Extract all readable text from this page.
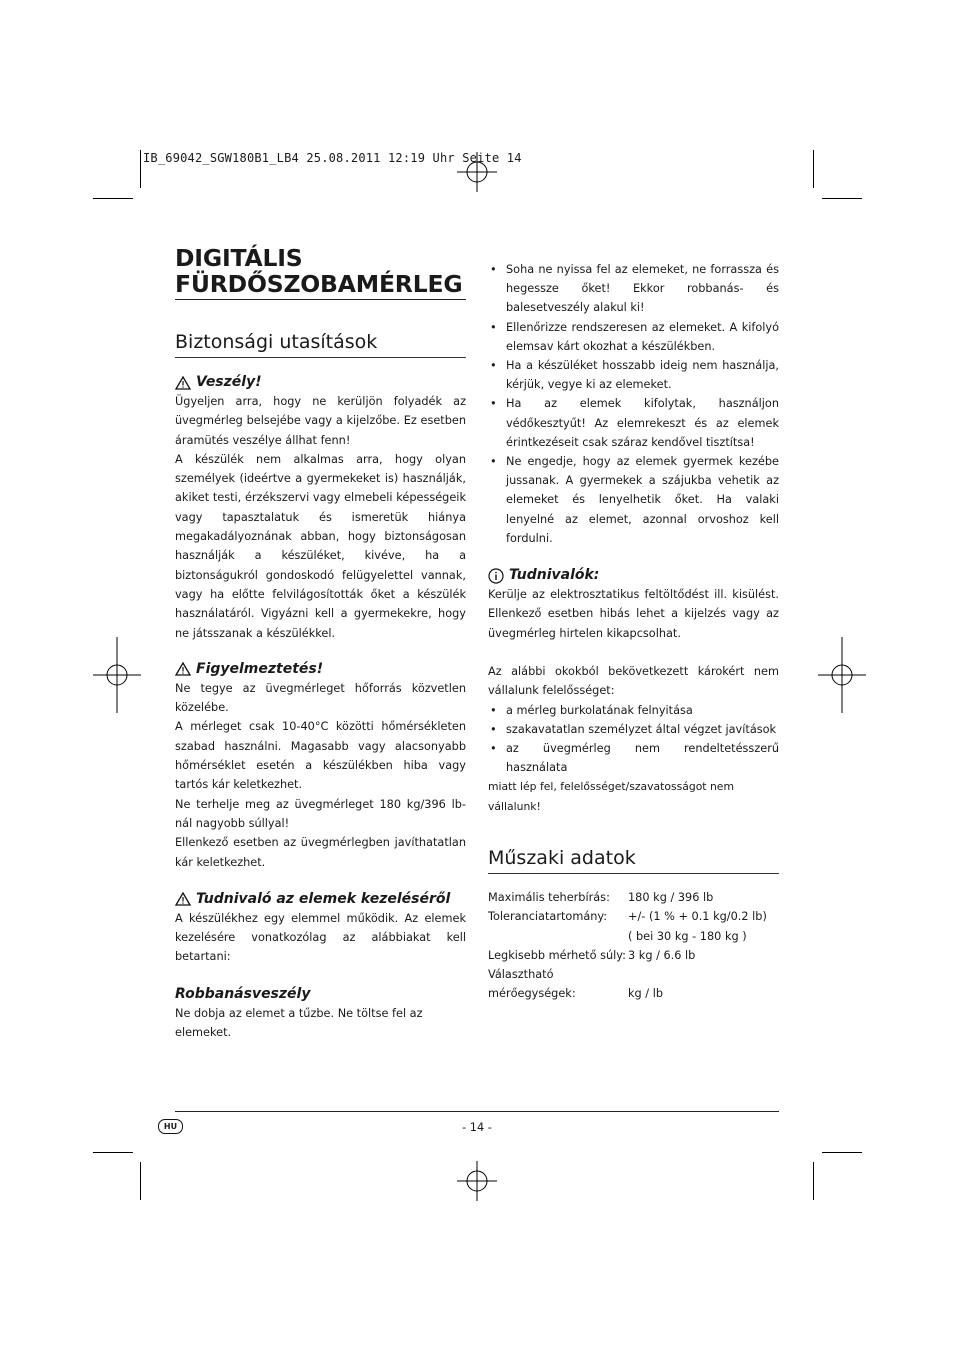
IB_69042_SGW180B1_LB4 25.08.2011 12:19 Uhr Seite 14
DIGITÁLIS
FÜRDŐSZOBAMÉRLEG
Biztonsági utasítások
Veszély!

Ügyeljen arra, hogy ne kerüljön folyadék az üvegmérleg belsejébe vagy a kijelzőbe. Ez esetben áramütés veszélye állhat fenn!

A készülék nem alkalmas arra, hogy olyan személyek (ideértve a gyermekeket is) használják, akiket testi, érzékszervi vagy elmebeli képességeik vagy tapasztalatuk és ismeretük hiánya megakadályoznának abban, hogy biztonságosan használják a készüléket, kivéve, ha a biztonságukról gondoskodó felügyelettel vannak, vagy ha előtte felvilágosították őket a készülék használatáról. Vigyázni kell a gyermekekre, hogy ne játsszanak a készülékkel.

Figyelmeztetés!

Ne tegye az üvegmérleget hőforrás közvetlen közelébe.

A mérleget csak 10-40°C közötti hőmérsékleten szabad használni. Magasabb vagy alacsonyabb hőmérséklet esetén a készülékben hiba vagy tartós kár keletkezhet.

Ne terhelje meg az üvegmérleget 180 kg/396 lb-nál nagyobb súllyal!

Ellenkező esetben az üvegmérlegben javíthatatlan kár keletkezhet.

Tudnivaló az elemek kezeléséről

A készülékhez egy elemmel működik. Az elemek kezelésére vonatkozólag az alábbiakat kell betartani:

Robbanásveszély

Ne dobja az elemet a tűzbe. Ne töltse fel az elemeket.

• Soha ne nyissa fel az elemeket, ne forrassza és hegessze őket! Ekkor robbanás- és balesetveszély alakul ki!
• Ellenőrizze rendszeresen az elemeket. A kifolyó elemsav kárt okozhat a készülékben.
• Ha a készüléket hosszabb ideig nem használja, kérjük, vegye ki az elemeket.
• Ha az elemek kifolytak, használjon védőkesztyűt! Az elemrekeszt és az elemek érintkezéseit csak száraz kendővel tisztítsa!
• Ne engedje, hogy az elemek gyermek kezébe jussanak. A gyermekek a szájukba vehetik az elemeket és lenyelhetik őket. Ha valaki lenyelné az elemet, azonnal orvoshoz kell fordulni.
Tudnivalók:

Kerülje az elektrosztatikus feltöltődést ill. kisülést. Ellenkező esetben hibás lehet a kijelzés vagy az üvegmérleg hirtelen kikapcsolhat.

Az alábbi okokból bekövetkezett károkért nem vállalunk felelősséget:

• a mérleg burkolatának felnyitása
• szakavatatlan személyzet által végzet javítások
• az üvegmérleg nem rendeltetésszerű használata

miatt lép fel, felelősséget/szavatosságot nem vállalunk!

Műszaki adatok
Maximális teherbírás:	180 kg / 396 lb
Toleranciatartomány:	+/- (1 % + 0.1 kg/0.2 lb)
	( bei 30 kg - 180 kg )
Legkisebb mérhető súly:	3 kg / 6.6 lb
Választható	
mérőegységek:	kg / lb
HU	- 14 -
